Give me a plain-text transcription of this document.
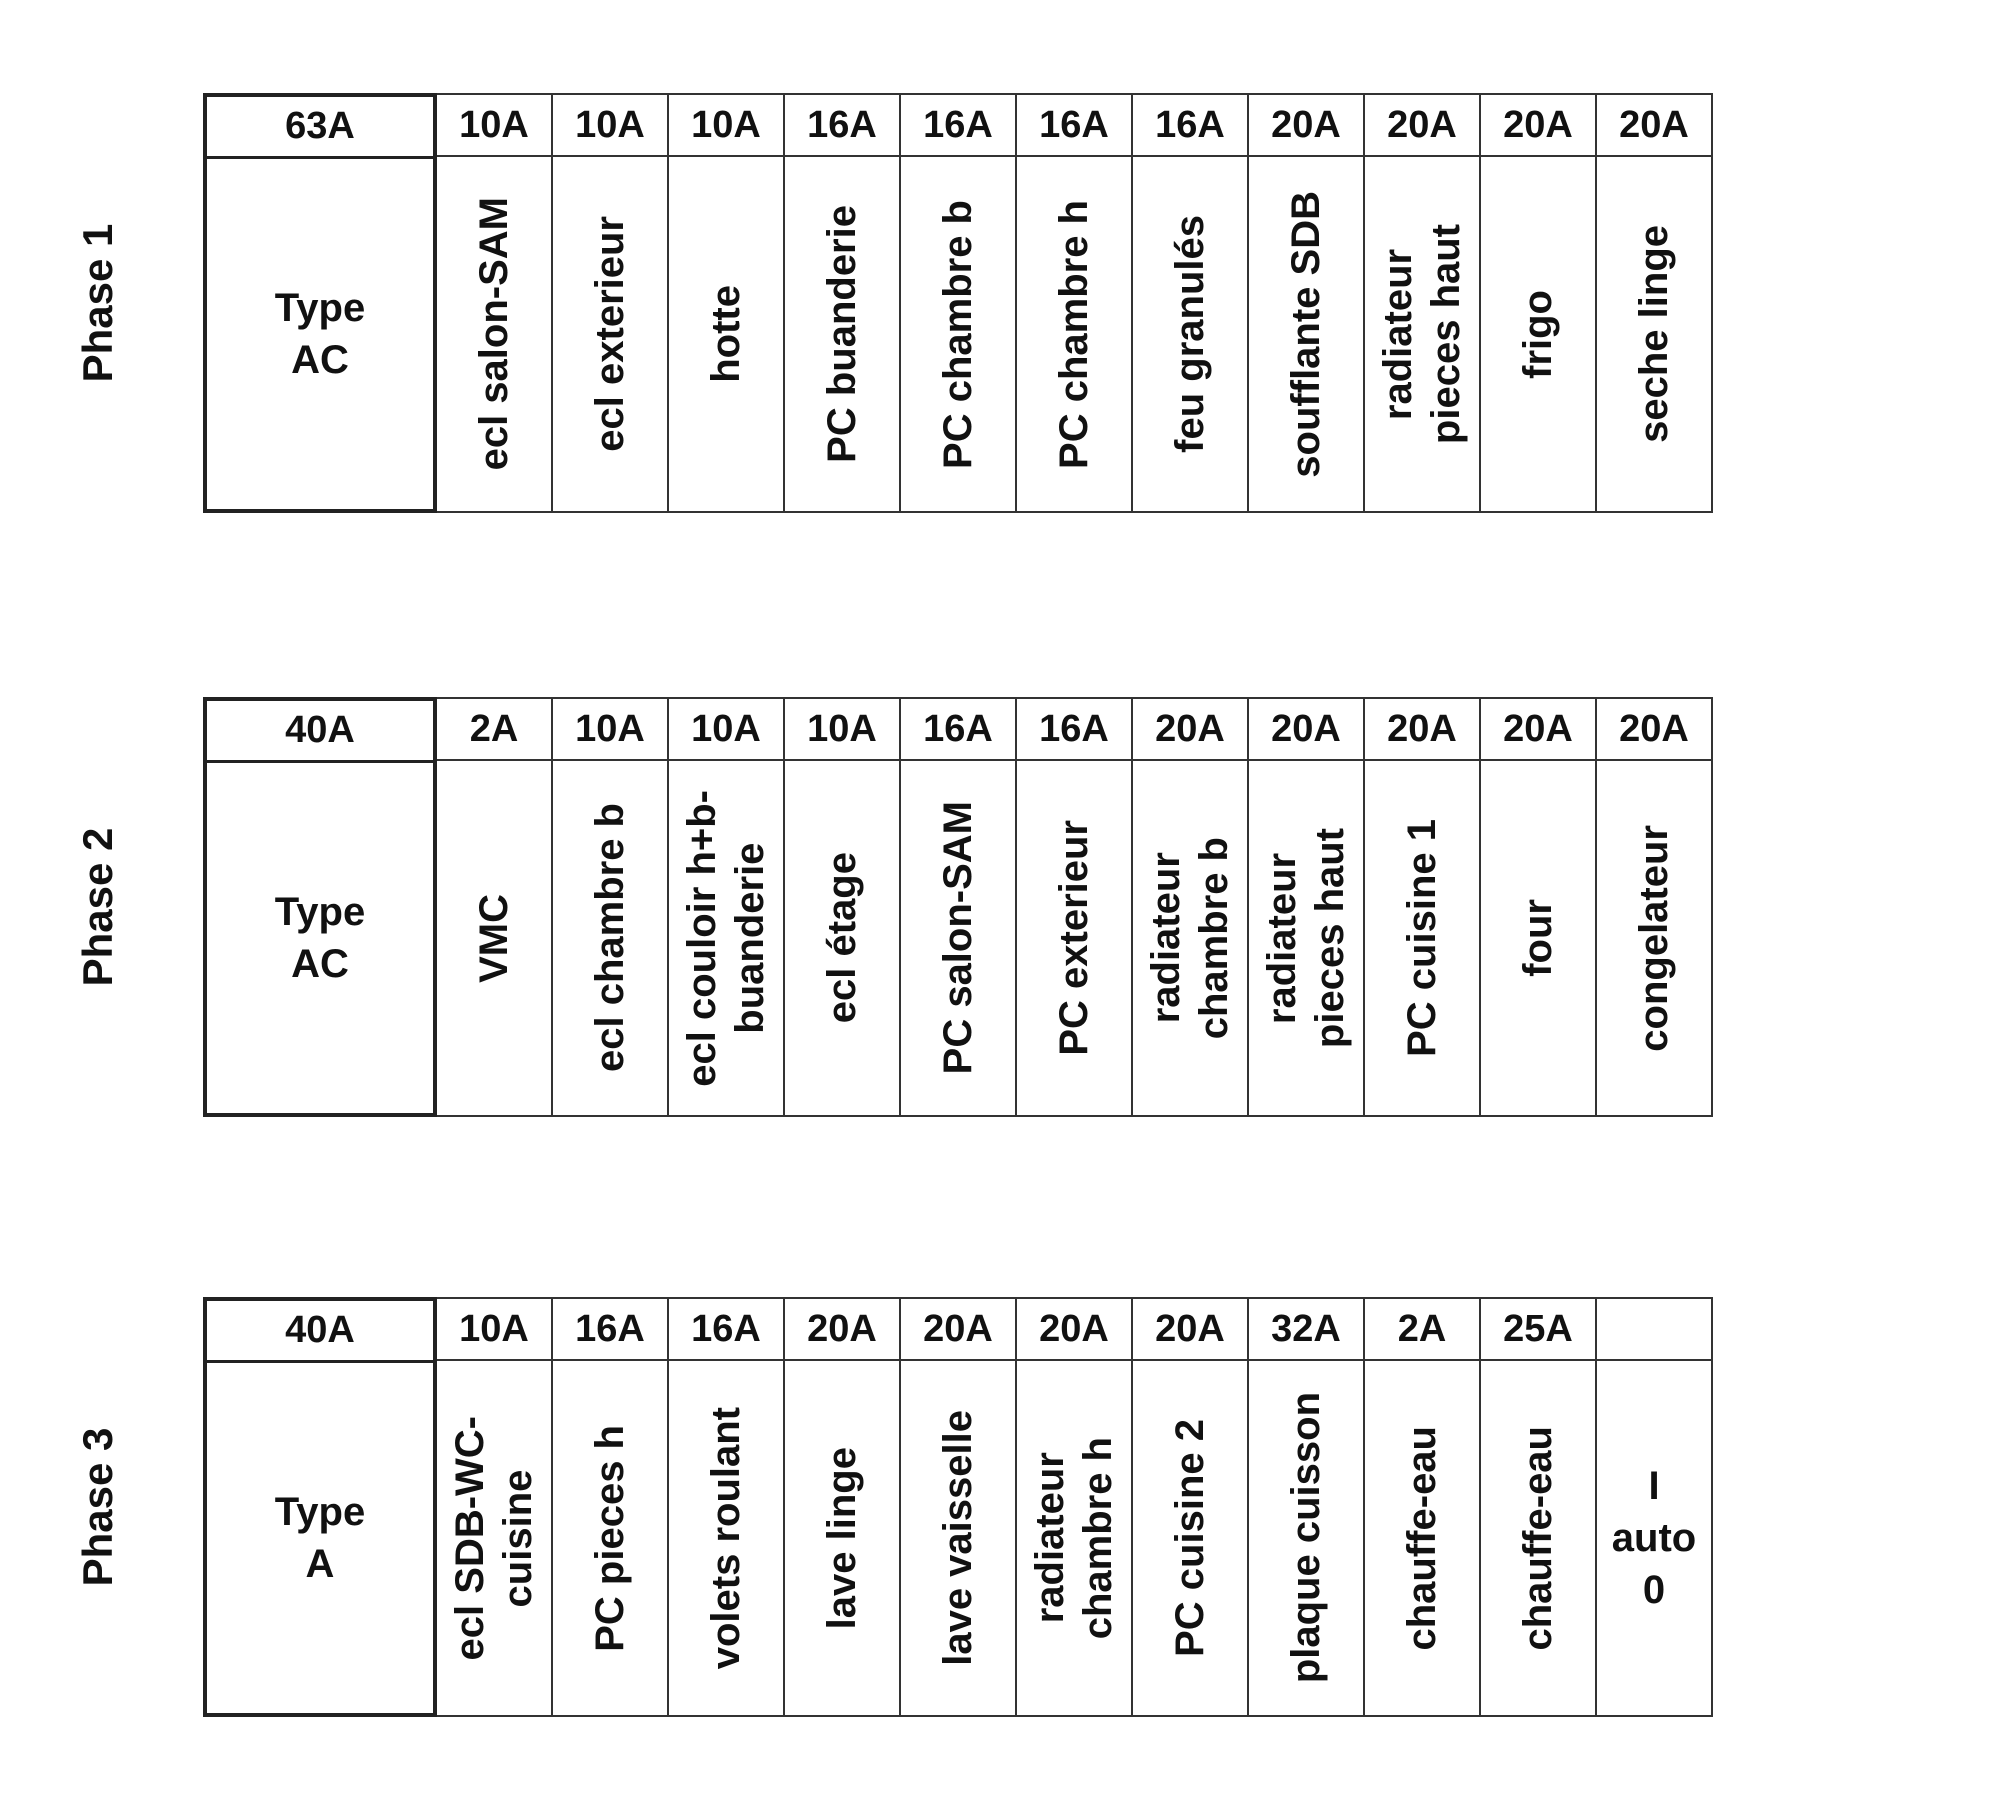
Phase 1
63A
Type
AC
10A
ecl salon-SAM
10A
ecl exterieur
10A
hotte
16A
PC buanderie
16A
PC chambre b
16A
PC chambre h
16A
feu granulés
20A
soufflante SDB
20A
radiateur
pieces haut
20A
frigo
20A
seche linge
Phase 2
40A
Type
AC
2A
VMC
10A
ecl chambre b
10A
ecl couloir h+b-
buanderie
10A
ecl étage
16A
PC salon-SAM
16A
PC exterieur
20A
radiateur
chambre b
20A
radiateur
pieces haut
20A
PC cuisine 1
20A
four
20A
congelateur
Phase 3
40A
Type
A
10A
ecl SDB-WC-
cuisine
16A
PC pieces h
16A
volets roulant
20A
lave linge
20A
lave vaisselle
20A
radiateur
chambre h
20A
PC cuisine 2
32A
plaque cuisson
2A
chauffe-eau
25A
chauffe-eau	I
auto
0
